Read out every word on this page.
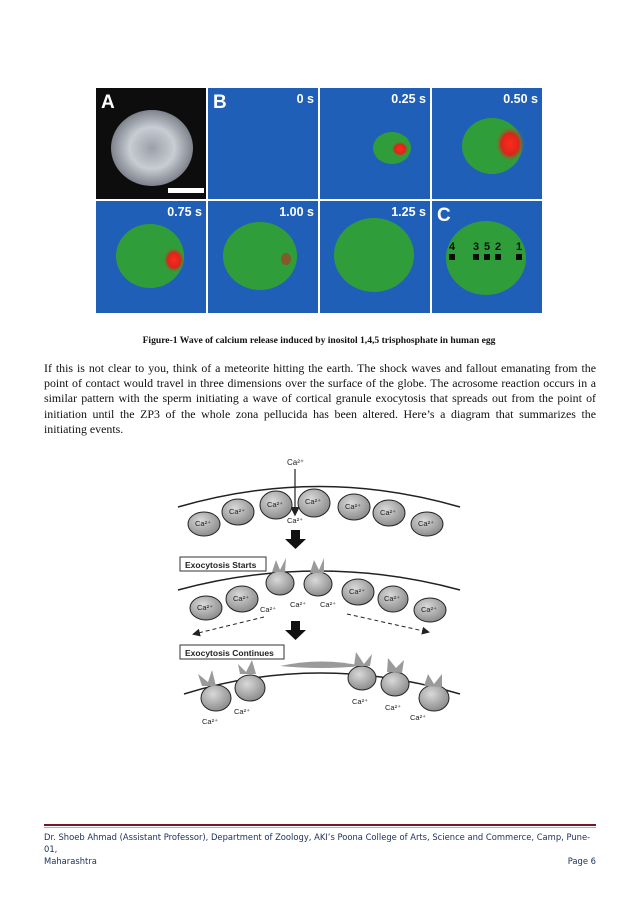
4 3 5 2 1
A	B	0 s	0.25 s	0.50 s
0.75 s	1.00 s	1.25 s C
Figure-1 Wave of calcium release induced by inositol 1,4,5 trisphosphate in human egg

If this is not clear to you, think of a meteorite hitting the earth. The shock waves and fallout emanating from the point of contact would travel in three dimensions over the surface of the globe. The acrosome reaction occurs in a similar pattern with the sperm initiating a wave of cortical granule exocytosis that spreads out from the point of initiation until the ZP3 of the whole zona pellucida has been altered. Here’s a diagram that summarizes the initiating events.

Ca²⁺
Ca²⁺
Ca²⁺
Ca²⁺	Ca²⁺
Ca²⁺
Ca²⁺
Ca²⁺
Ca²⁺
Exocytosis Starts
Ca²⁺
Ca²⁺
Ca²⁺
Ca²⁺ Ca²⁺
Ca²⁺
Ca²⁺
Ca²⁺
Exocytosis Continues
Ca²⁺
Ca²⁺
Ca²⁺
Ca²⁺
Ca²⁺
Dr. Shoeb Ahmad (Assistant Professor), Department of Zoology, AKI’s Poona College of Arts, Science and Commerce, Camp, Pune-01,
Maharashtra	Page 6
